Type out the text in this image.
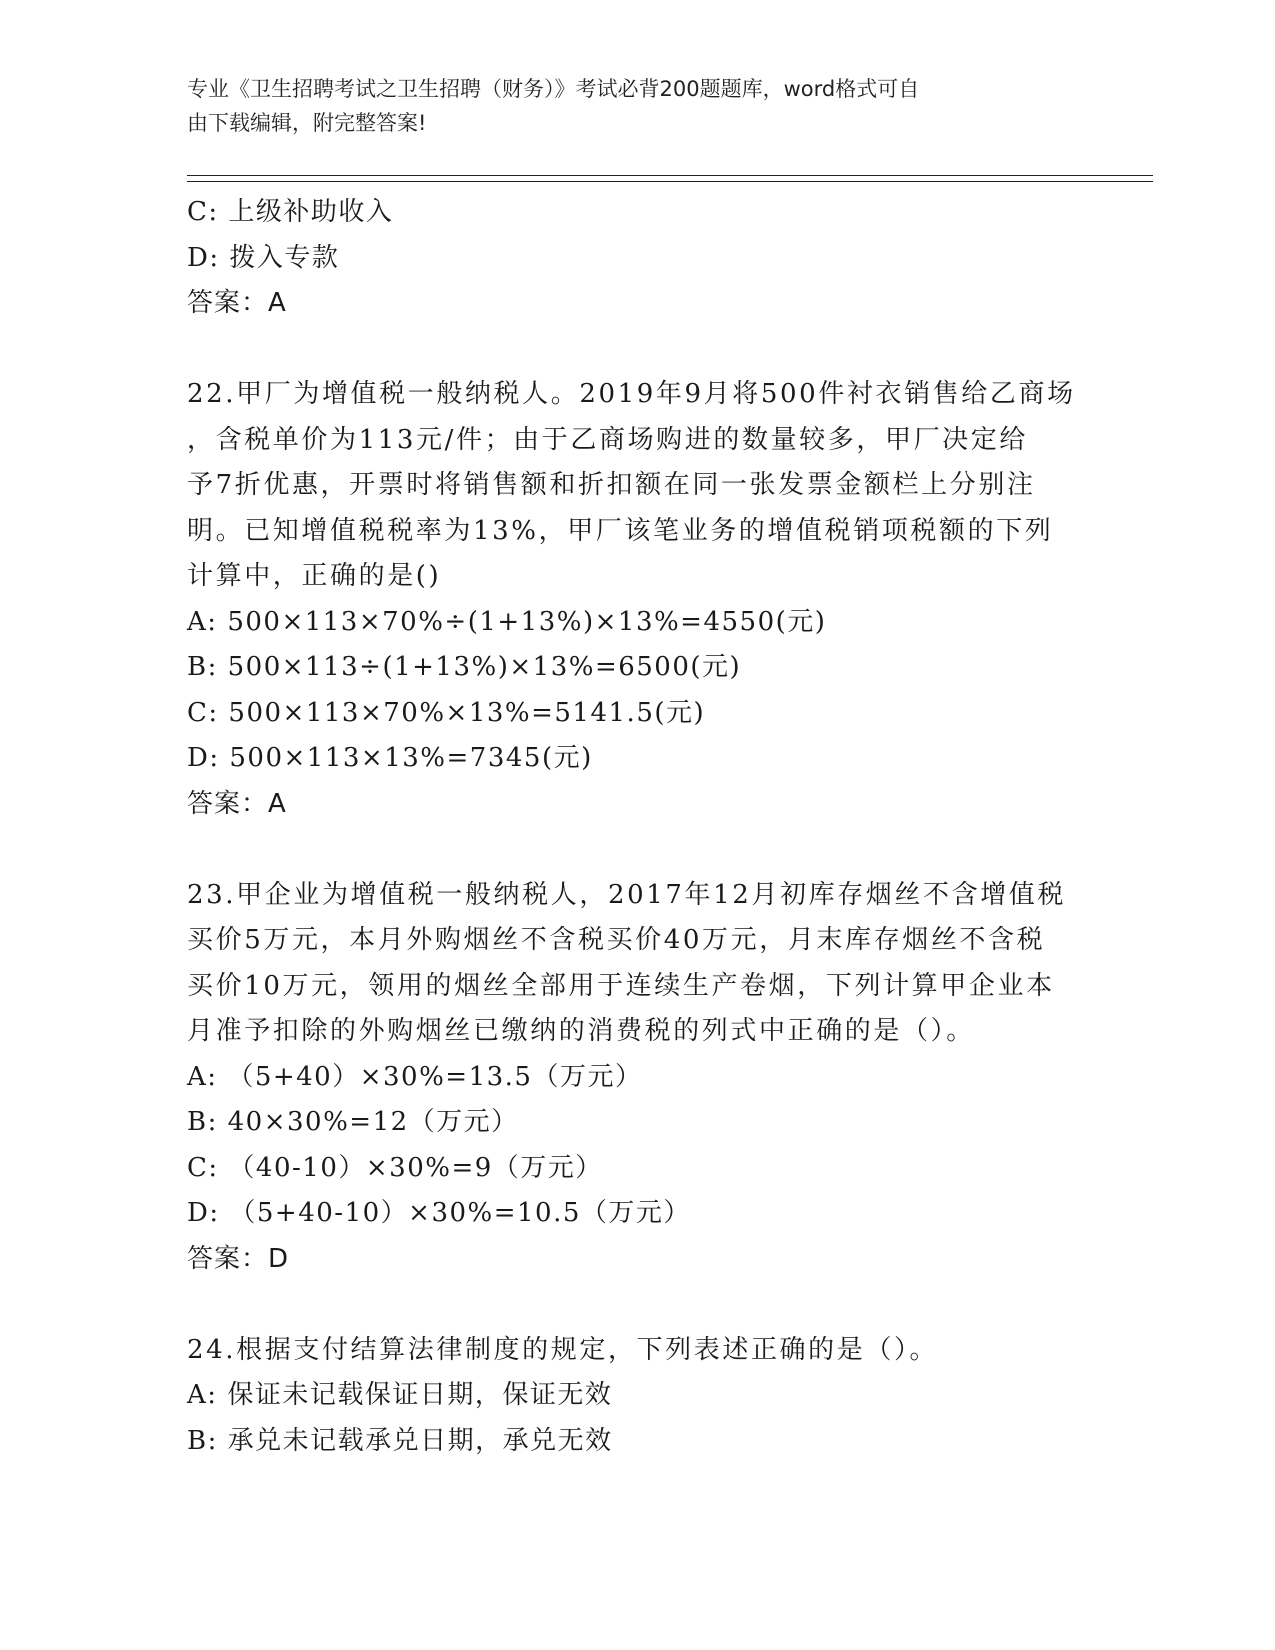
专业《卫生招聘考试之卫生招聘（财务）》考试必背200题题库，word格式可自

由下载编辑，附完整答案!

C: 上级补助收入
D: 拨入专款
答案：A
22.甲厂为增值税一般纳税人。2019年9月将500件衬衣销售给乙商场
，含税单价为113元/件；由于乙商场购进的数量较多，甲厂决定给
予7折优惠，开票时将销售额和折扣额在同一张发票金额栏上分别注
明。已知增值税税率为13%，甲厂该笔业务的增值税销项税额的下列
计算中，正确的是()
A: 500×113×70%÷(1+13%)×13%=4550(元)
B: 500×113÷(1+13%)×13%=6500(元)
C: 500×113×70%×13%=5141.5(元)
D: 500×113×13%=7345(元)
答案：A
23.甲企业为增值税一般纳税人，2017年12月初库存烟丝不含增值税
买价5万元，本月外购烟丝不含税买价40万元，月末库存烟丝不含税
买价10万元，领用的烟丝全部用于连续生产卷烟，下列计算甲企业本
月准予扣除的外购烟丝已缴纳的消费税的列式中正确的是（）。
A: （5+40）×30%=13.5（万元）
B: 40×30%=12（万元）
C: （40-10）×30%=9（万元）
D: （5+40-10）×30%=10.5（万元）
答案：D
24.根据支付结算法律制度的规定，下列表述正确的是（）。
A: 保证未记载保证日期，保证无效
B: 承兑未记载承兑日期，承兑无效
